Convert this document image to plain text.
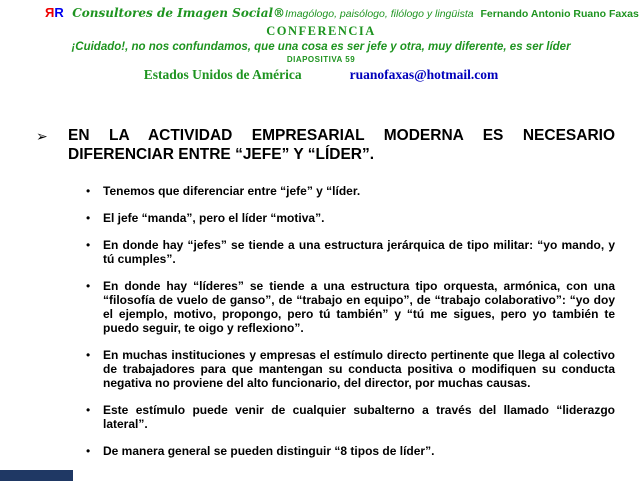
ЯR Consultores de Imagen Social® Imagólogo, paisólogo, filólogo y lingüista Fernando Antonio Ruano Faxas
CONFERENCIA
¡Cuidado!, no nos confundamos, que una cosa es ser jefe y otra, muy diferente, es ser líder
DIAPOSITIVA 59
Estados Unidos de América	ruanofaxas@hotmail.com
➢	EN LA ACTIVIDAD EMPRESARIAL MODERNA ES NECESARIO DIFERENCIAR ENTRE “JEFE” Y “LÍDER”.
•	Tenemos que diferenciar entre “jefe” y “líder.
•	El jefe “manda”, pero el líder “motiva”.
•	En donde hay “jefes” se tiende a una estructura jerárquica de tipo militar: “yo mando, y tú cumples”.
•	En donde hay “líderes” se tiende a una estructura tipo orquesta, armónica, con una “filosofía de vuelo de ganso”, de “trabajo en equipo”, de “trabajo colaborativo”: “yo doy el ejemplo, motivo, propongo, pero tú también” y “tú me sigues, pero yo también te puedo seguir, te oigo y reflexiono”.
•	En muchas instituciones y empresas el estímulo directo pertinente que llega al colectivo de trabajadores para que mantengan su conducta positiva o modifiquen su conducta negativa no proviene del alto funcionario, del director, por muchas causas.
•	Este estímulo puede venir de cualquier subalterno a través del llamado “liderazgo lateral”.
•	De manera general se pueden distinguir “8 tipos de líder”.
